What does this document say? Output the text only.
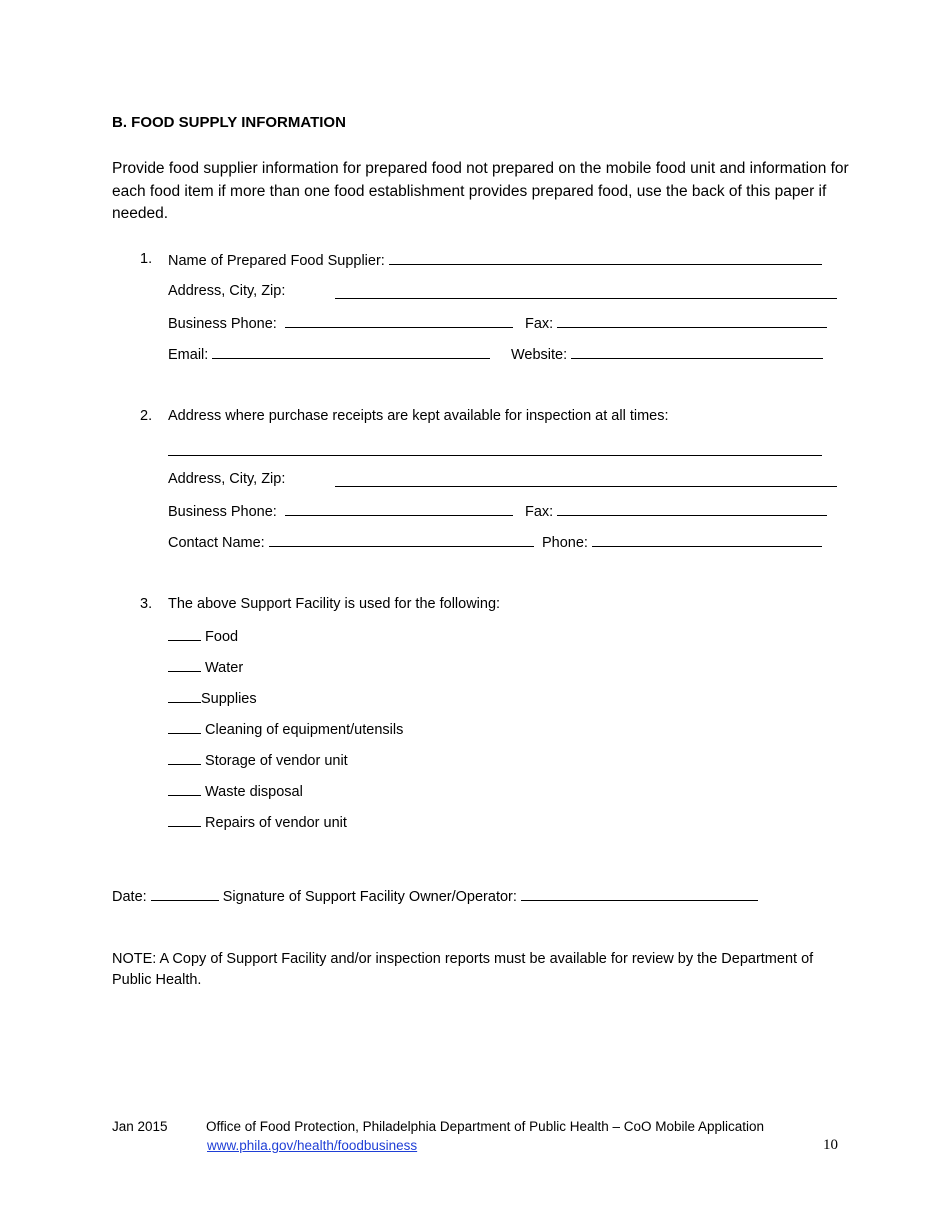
B. FOOD SUPPLY INFORMATION
Provide food supplier information for prepared food not prepared on the mobile food unit and information for each food item if more than one food establishment provides prepared food, use the back of this paper if needed.
1. Name of Prepared Food Supplier:
Address, City, Zip:
Business Phone:	Fax:
Email:	Website:
2. Address where purchase receipts are kept available for inspection at all times:
Address, City, Zip:
Business Phone:	Fax:
Contact Name:	Phone:
3. The above Support Facility is used for the following:
Food
Water
Supplies
Cleaning of equipment/utensils
Storage of vendor unit
Waste disposal
Repairs of vendor unit
Date:	Signature of Support Facility Owner/Operator:
NOTE: A Copy of Support Facility and/or inspection reports must be available for review by the Department of Public Health.
Jan 2015	Office of Food Protection, Philadelphia Department of Public Health – CoO Mobile Application
www.phila.gov/health/foodbusiness	10
